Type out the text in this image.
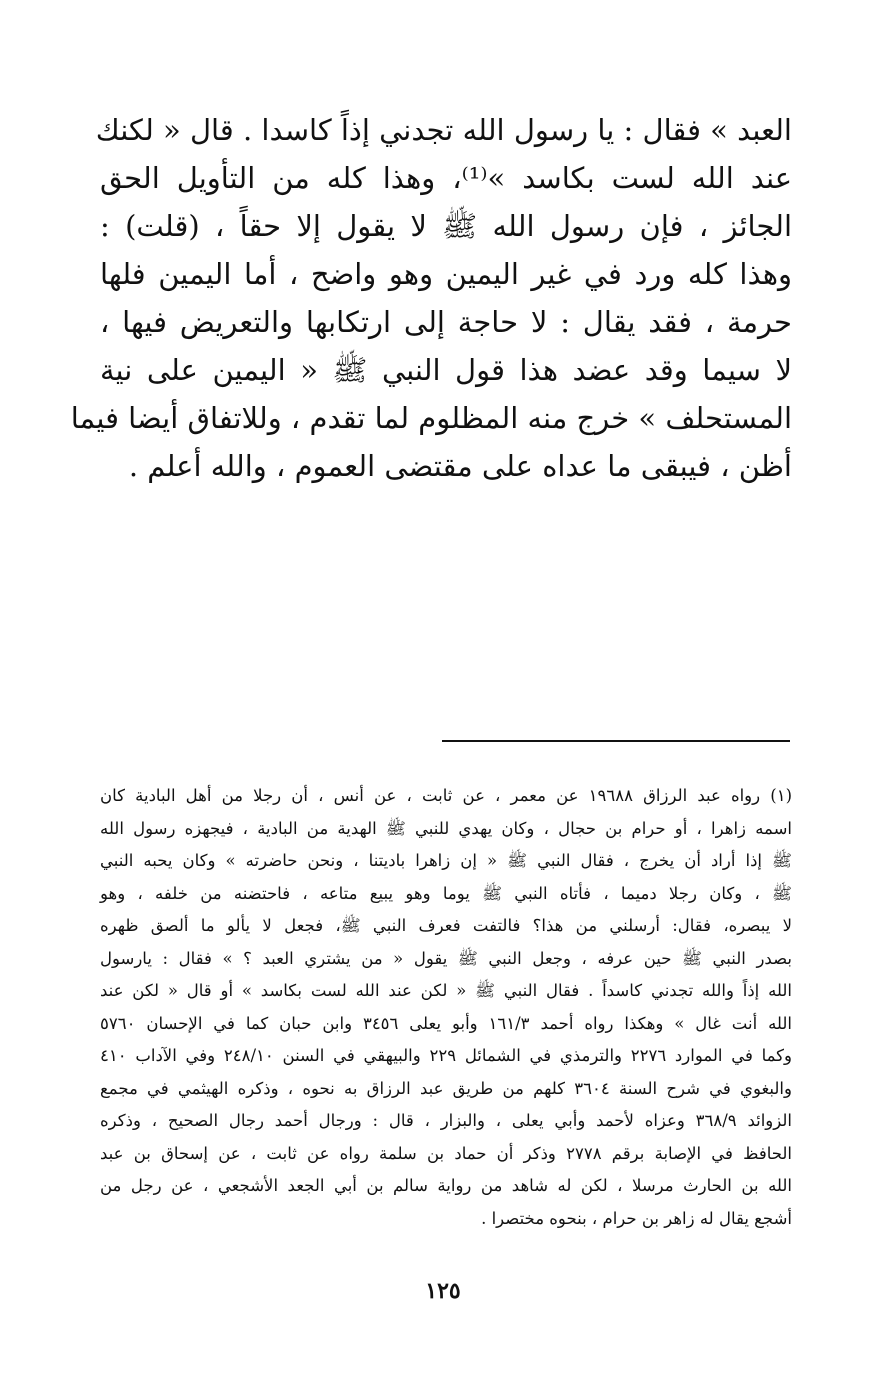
العبد » فقال : يا رسول الله تجدني إذاً كاسدا . قال « لكنك
عند الله لست بكاسد »⁽¹⁾، وهذا كله من التأويل الحق
الجائز ، فإن رسول الله ﷺ لا يقول إلا حقاً ، (قلت) :
وهذا كله ورد في غير اليمين وهو واضح ، أما اليمين فلها
حرمة ، فقد يقال : لا حاجة إلى ارتكابها والتعريض فيها ،
لا سيما وقد عضد هذا قول النبي ﷺ « اليمين على نية
المستحلف » خرج منه المظلوم لما تقدم ، وللاتفاق أيضا فيما
أظن ، فيبقى ما عداه على مقتضى العموم ، والله أعلم .
(١) رواه عبد الرزاق ١٩٦٨٨ عن معمر ، عن ثابت ، عن أنس ، أن رجلا من أهل البادية كان
اسمه زاهرا ، أو حرام بن حجال ، وكان يهدي للنبي ﷺ الهدية من البادية ، فيجهزه رسول الله
ﷺ إذا أراد أن يخرج ، فقال النبي ﷺ « إن زاهرا باديتنا ، ونحن حاضرته » وكان يحبه النبي
ﷺ ، وكان رجلا دميما ، فأتاه النبي ﷺ يوما وهو يبيع متاعه ، فاحتضنه من خلفه ، وهو
لا يبصره، فقال: أرسلني من هذا؟ فالتفت فعرف النبي ﷺ، فجعل لا يألو ما ألصق ظهره
بصدر النبي ﷺ حين عرفه ، وجعل النبي ﷺ يقول « من يشتري العبد ؟ » فقال : يارسول
الله إذاً والله تجدني كاسداً . فقال النبي ﷺ « لكن عند الله لست بكاسد » أو قال « لكن عند
الله أنت غال » وهكذا رواه أحمد ١٦١/٣ وأبو يعلى ٣٤٥٦ وابن حبان كما في الإحسان ٥٧٦٠
وكما في الموارد ٢٢٧٦ والترمذي في الشمائل ٢٢٩ والبيهقي في السنن ٢٤٨/١٠ وفي الآداب ٤١٠
والبغوي في شرح السنة ٣٦٠٤ كلهم من طريق عبد الرزاق به نحوه ، وذكره الهيثمي في مجمع
الزوائد ٣٦٨/٩ وعزاه لأحمد وأبي يعلى ، والبزار ، قال : ورجال أحمد رجال الصحيح ، وذكره
الحافظ في الإصابة برقم ٢٧٧٨ وذكر أن حماد بن سلمة رواه عن ثابت ، عن إسحاق بن عبد
الله بن الحارث مرسلا ، لكن له شاهد من رواية سالم بن أبي الجعد الأشجعي ، عن رجل من
أشجع يقال له زاهر بن حرام ، بنحوه مختصرا .
١٢٥
